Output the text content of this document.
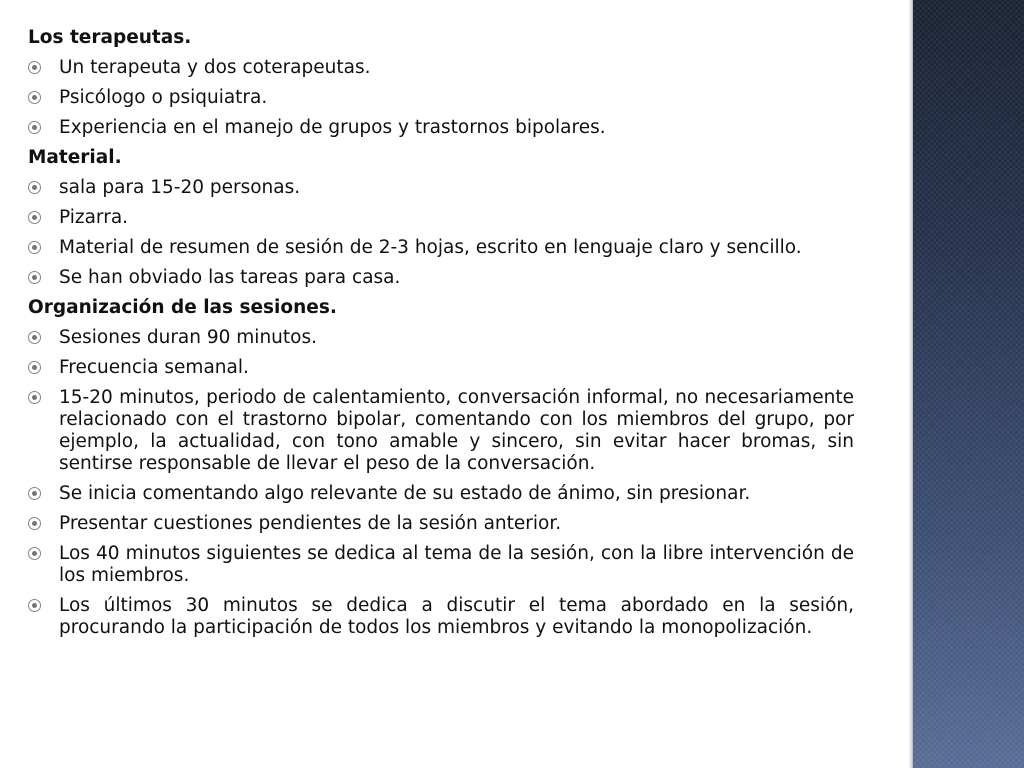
Los terapeutas.
Un terapeuta y dos coterapeutas.
Psicólogo o psiquiatra.
Experiencia en el manejo de grupos y trastornos bipolares.
Material.
sala para 15-20 personas.
Pizarra.
Material de resumen de sesión de 2-3 hojas, escrito en lenguaje claro y sencillo.
Se han obviado las tareas para casa.
Organización de las sesiones.
Sesiones duran 90 minutos.
Frecuencia semanal.
15-20 minutos, periodo de calentamiento, conversación informal, no necesariamente relacionado con el trastorno bipolar, comentando con los miembros del grupo, por ejemplo, la actualidad, con tono amable y sincero, sin evitar hacer bromas, sin sentirse responsable de llevar el peso de la conversación.
Se inicia comentando algo relevante de su estado de ánimo, sin presionar.
Presentar cuestiones pendientes de la sesión anterior.
Los 40 minutos siguientes se dedica al tema de la sesión, con la libre intervención de los miembros.
Los últimos 30 minutos se dedica a discutir el tema abordado en la sesión, procurando la participación de todos los miembros y evitando la monopolización.
